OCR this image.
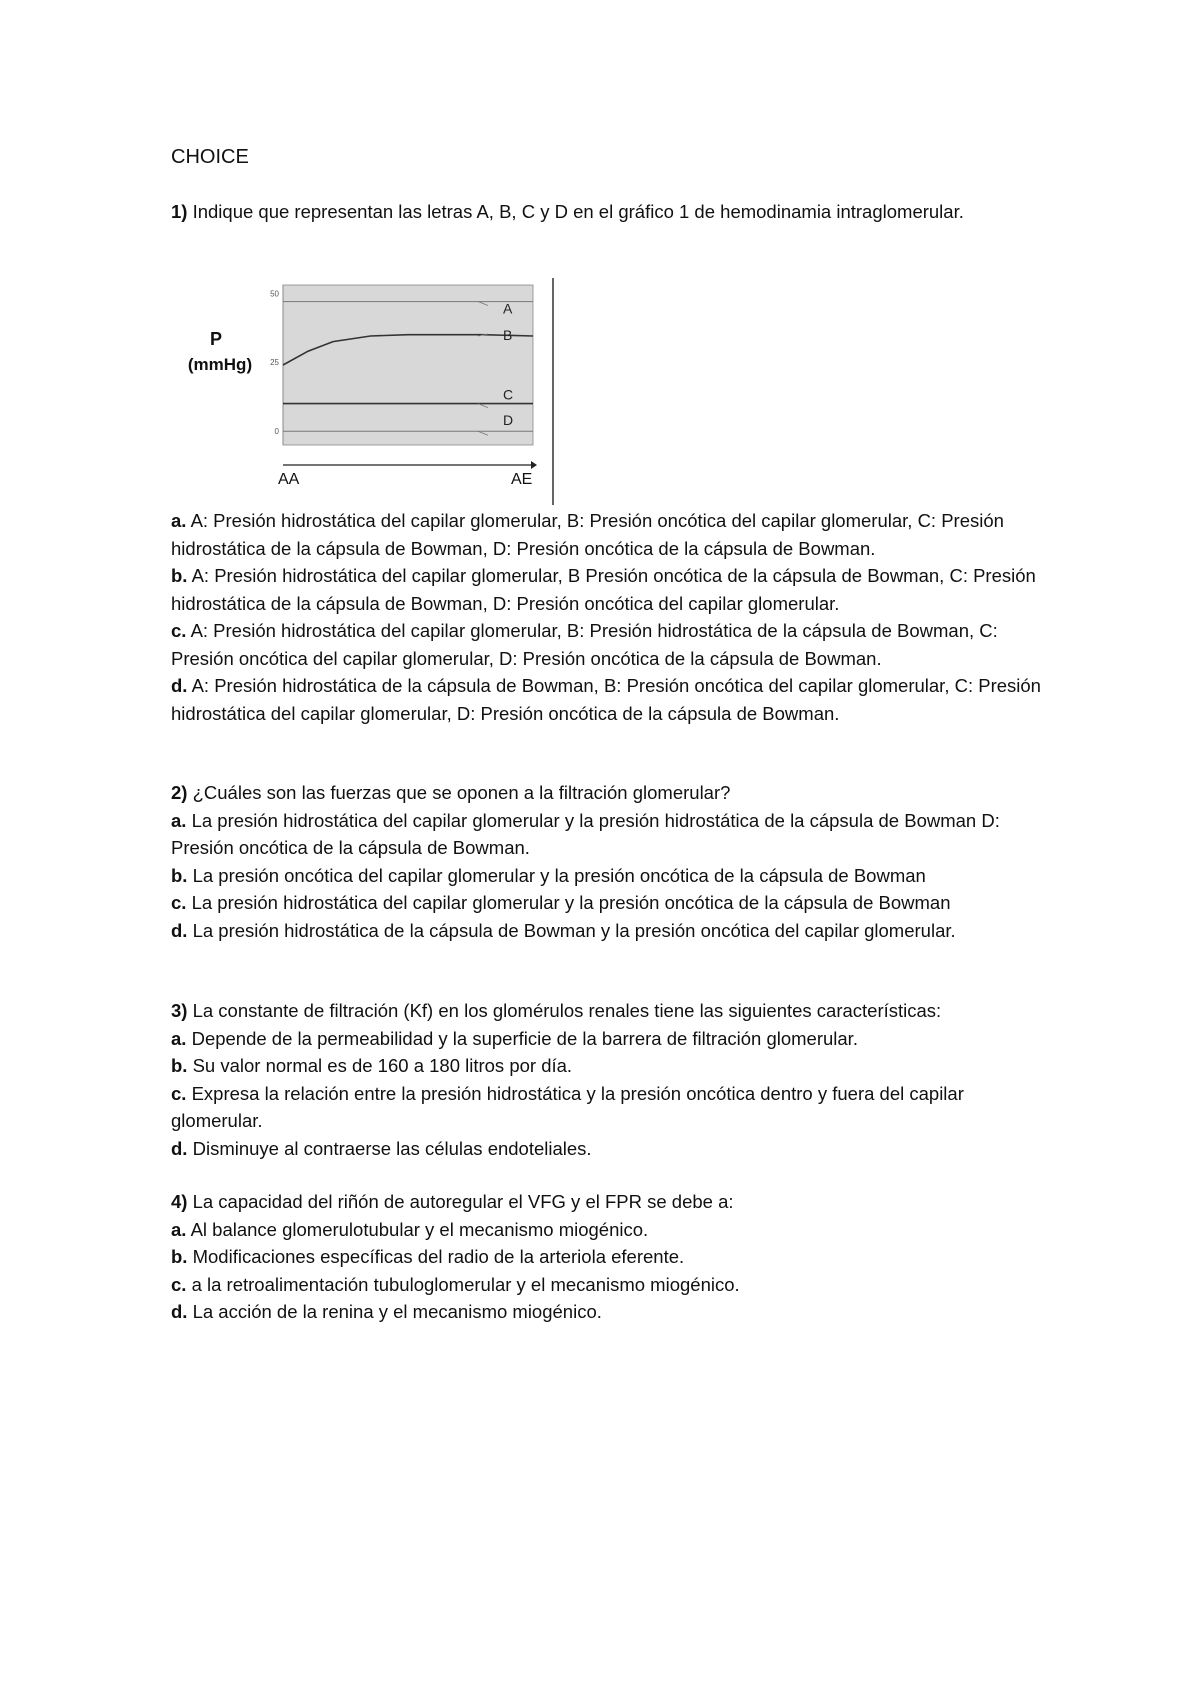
CHOICE

1) Indique que representan las letras A, B, C y D en el gráfico 1 de hemodinamia intraglomerular.

50
25
0
P
(mmHg)
A
B
C
D
AA	AE

a. A: Presión hidrostática del capilar glomerular, B: Presión oncótica del capilar glomerular, C: Presión hidrostática de la cápsula de Bowman, D: Presión oncótica de la cápsula de Bowman.

b. A: Presión hidrostática del capilar glomerular, B Presión oncótica de la cápsula de Bowman, C: Presión hidrostática de la cápsula de Bowman, D: Presión oncótica del capilar glomerular.

c. A: Presión hidrostática del capilar glomerular, B: Presión hidrostática de la cápsula de Bowman, C: Presión oncótica del capilar glomerular, D: Presión oncótica de la cápsula de Bowman.

d. A: Presión hidrostática de la cápsula de Bowman, B: Presión oncótica del capilar glomerular, C: Presión hidrostática del capilar glomerular, D: Presión oncótica de la cápsula de Bowman.

2) ¿Cuáles son las fuerzas que se oponen a la filtración glomerular?

a. La presión hidrostática del capilar glomerular y la presión hidrostática de la cápsula de Bowman D: Presión oncótica de la cápsula de Bowman.

b. La presión oncótica del capilar glomerular y la presión oncótica de la cápsula de Bowman

c. La presión hidrostática del capilar glomerular y la presión oncótica de la cápsula de Bowman

d. La presión hidrostática de la cápsula de Bowman y la presión oncótica del capilar glomerular.

3) La constante de filtración (Kf) en los glomérulos renales tiene las siguientes características:

a. Depende de la permeabilidad y la superficie de la barrera de filtración glomerular.

b. Su valor normal es de 160 a 180 litros por día.

c. Expresa la relación entre la presión hidrostática y la presión oncótica dentro y fuera del capilar glomerular.

d. Disminuye al contraerse las células endoteliales.

4) La capacidad del riñón de autoregular el VFG y el FPR se debe a:

a. Al balance glomerulotubular y el mecanismo miogénico.

b. Modificaciones específicas del radio de la arteriola eferente.

c. a la retroalimentación tubuloglomerular y el mecanismo miogénico.

d. La acción de la renina y el mecanismo miogénico.
